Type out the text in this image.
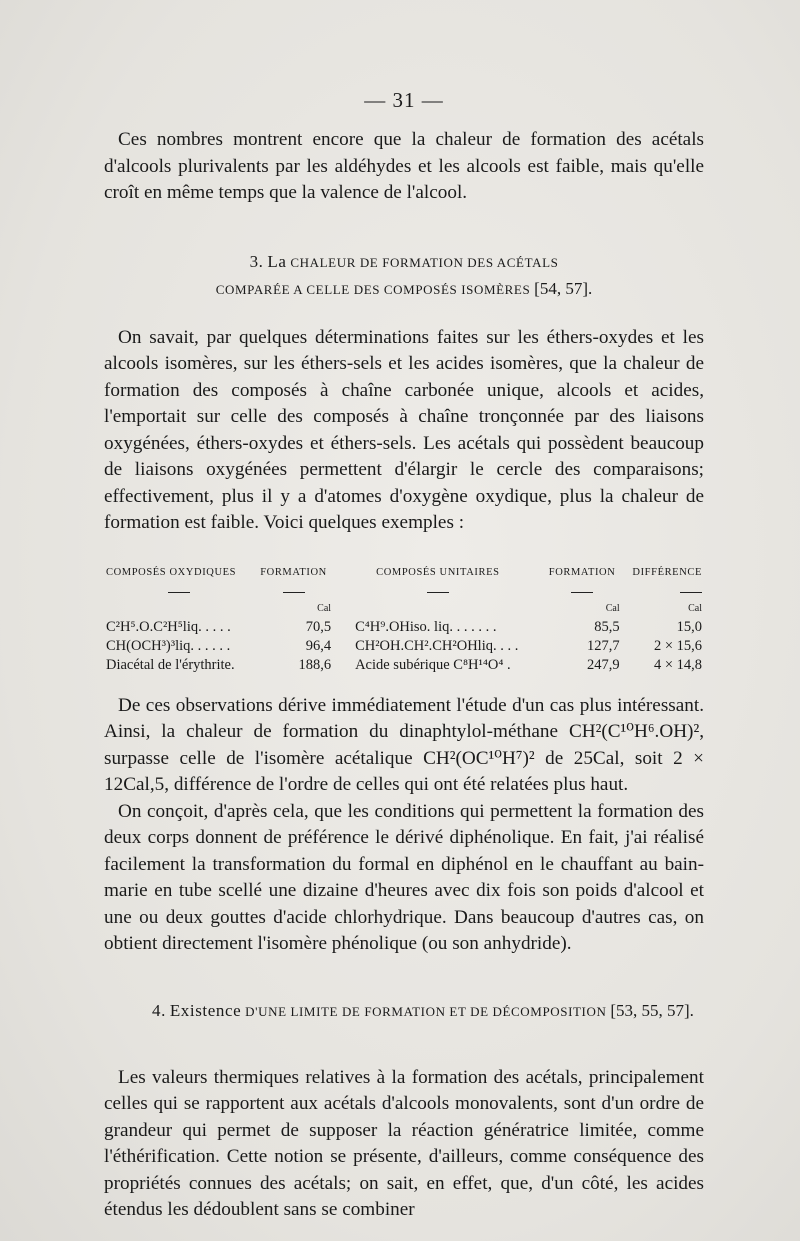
— 31 —

Ces nombres montrent encore que la chaleur de formation des acétals d'alcools plurivalents par les aldéhydes et les alcools est faible, mais qu'elle croît en même temps que la valence de l'alcool.

3. La CHALEUR DE FORMATION DES ACÉTALS
COMPARÉE A CELLE DES COMPOSÉS ISOMÈRES [54, 57].

On savait, par quelques déterminations faites sur les éthers-oxydes et les alcools isomères, sur les éthers-sels et les acides isomères, que la chaleur de formation des composés à chaîne carbonée unique, alcools et acides, l'emportait sur celle des composés à chaîne tronçonnée par des liaisons oxygénées, éthers-oxydes et éthers-sels. Les acétals qui possèdent beaucoup de liaisons oxygénées permettent d'élargir le cercle des comparaisons; effectivement, plus il y a d'atomes d'oxygène oxydique, plus la chaleur de formation est faible. Voici quelques exemples :

COMPOSÉS OXYDIQUES	FORMATION	COMPOSÉS UNITAIRES	FORMATION	DIFFÉRENCE

	Cal		Cal	Cal
C²H⁵.O.C²H⁵liq. . . . .	70,5	C⁴H⁹.OHiso. liq. . . . . . .	85,5	15,0
CH(OCH³)³liq. . . . . .	96,4	CH²OH.CH².CH²OHliq. . . .	127,7	2 × 15,6
Diacétal de l'érythrite.	188,6	Acide subérique C⁸H¹⁴O⁴ .	247,9	4 × 14,8

De ces observations dérive immédiatement l'étude d'un cas plus intéressant. Ainsi, la chaleur de formation du dinaphtylol-méthane CH²(C¹⁰H⁶.OH)², surpasse celle de l'isomère acétalique CH²(OC¹⁰H⁷)² de 25Cal, soit 2 × 12Cal,5, différence de l'ordre de celles qui ont été relatées plus haut.

On conçoit, d'après cela, que les conditions qui permettent la formation des deux corps donnent de préférence le dérivé diphénolique. En fait, j'ai réalisé facilement la transformation du formal en diphénol en le chauffant au bain-marie en tube scellé une dizaine d'heures avec dix fois son poids d'alcool et une ou deux gouttes d'acide chlorhydrique. Dans beaucoup d'autres cas, on obtient directement l'isomère phénolique (ou son anhydride).

4. Existence D'UNE LIMITE DE FORMATION ET DE DÉCOMPOSITION [53, 55, 57].

Les valeurs thermiques relatives à la formation des acétals, principalement celles qui se rapportent aux acétals d'alcools monovalents, sont d'un ordre de grandeur qui permet de supposer la réaction génératrice limitée, comme l'éthérification. Cette notion se présente, d'ailleurs, comme conséquence des propriétés connues des acétals; on sait, en effet, que, d'un côté, les acides étendus les dédoublent sans se combiner
